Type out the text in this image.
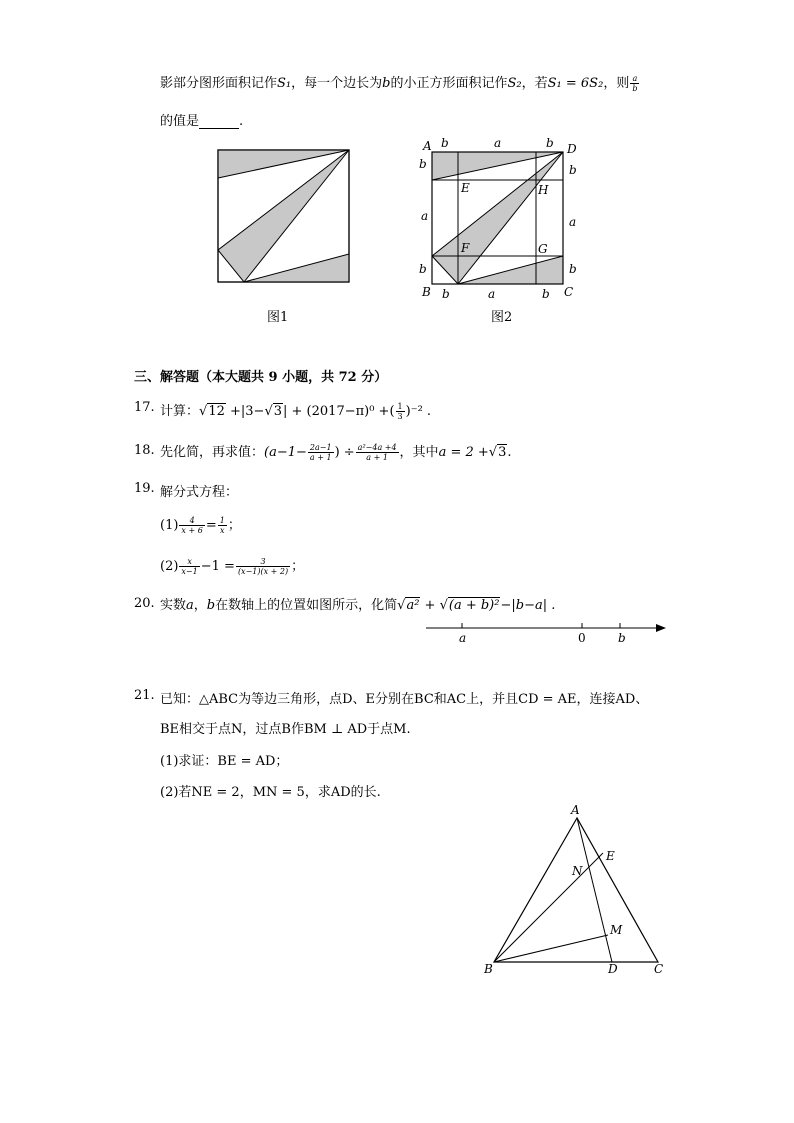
影部分图形面积记作S₁，每一个边长为b的小正方形面积记作S₂，若S₁ = 6S₂，则 $\frac{a}{b}$
的值是	.
图1
A	D
B	C
E	H
F	G
b	a	b
b
a
b
b
a
b
b	a	b
图2
三、解答题（本大题共 9 小题，共 72 分）
17. 计算：√12 +|3−√3| + (2017−π)⁰ +( $\frac{1}{3} )^{-2}$ .
18. 先化简，再求值：($a-1- \frac{2a-1}{a + 1}$ ) ÷ $\frac{\text{a²−4a +4}}{a + 1}$ ，其中a = 2 +√3.
19. 解分式方程：
$(1) \frac{4}{x + 6} = \frac{1}{x}$ ；
$(2) \frac{x}{x-1} -1 = \frac{3}{(x-1)(x + 2)}$ ；
20. 实数a，b在数轴上的位置如图所示，化简√a² + √(a + b)²−|b−a| .
a	0	b
21. 已知：△ABC为等边三角形，点D、E分别在BC和AC上，并且CD = AE，连接AD、
BE相交于点N，过点B作BM ⊥ AD于点M.
(1)求证：BE = AD；
(2)若NE = 2，MN = 5，求AD的长.
A
B	C
D
E
N
M
